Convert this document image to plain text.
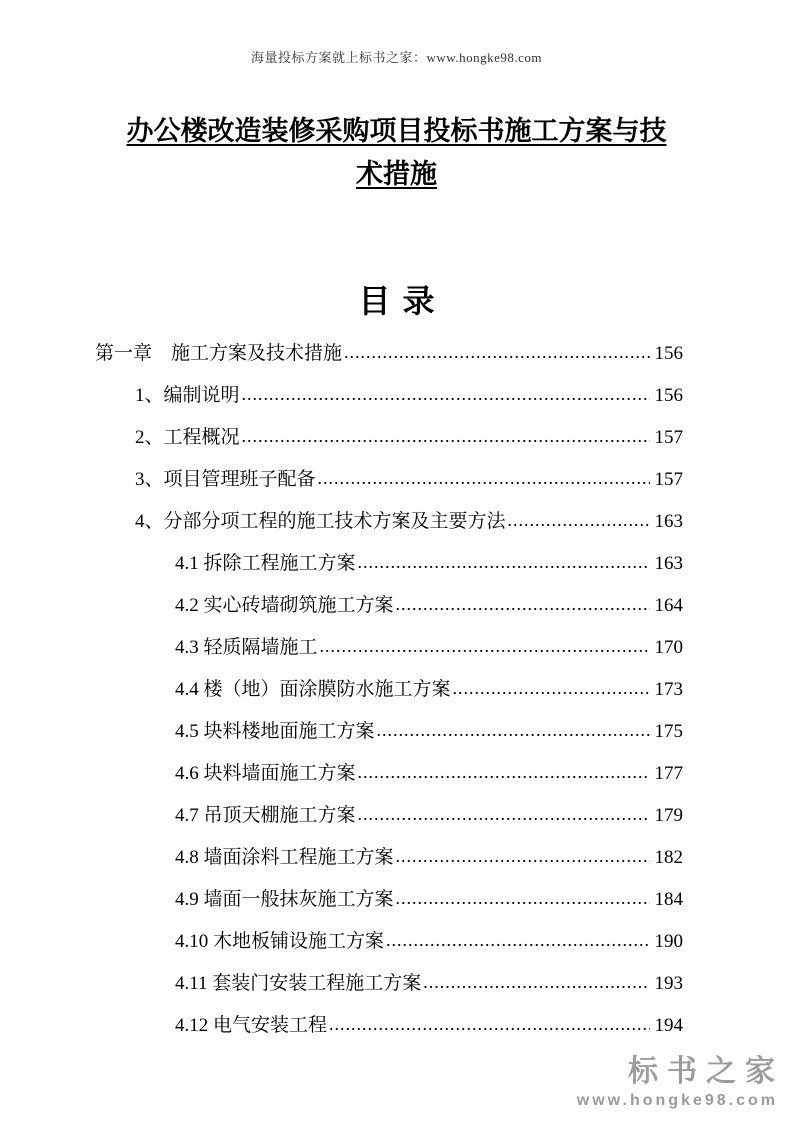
海量投标方案就上标书之家：www.hongke98.com
办公楼改造装修采购项目投标书施工方案与技术措施
目录
第一章　施工方案及技术措施 .....	156
1、编制说明 .....	156
2、工程概况 .....	157
3、项目管理班子配备 .....	157
4、分部分项工程的施工技术方案及主要方法 .....	163
4.1 拆除工程施工方案 .....	163
4.2 实心砖墙砌筑施工方案 .....	164
4.3 轻质隔墙施工 .....	170
4.4 楼（地）面涂膜防水施工方案 .....	173
4.5 块料楼地面施工方案 .....	175
4.6 块料墙面施工方案 .....	177
4.7 吊顶天棚施工方案 .....	179
4.8 墙面涂料工程施工方案 .....	182
4.9 墙面一般抹灰施工方案 .....	184
4.10 木地板铺设施工方案 .....	190
4.11 套装门安装工程施工方案 .....	193
4.12 电气安装工程 .....	194
标书之家
www.hongke98.com
